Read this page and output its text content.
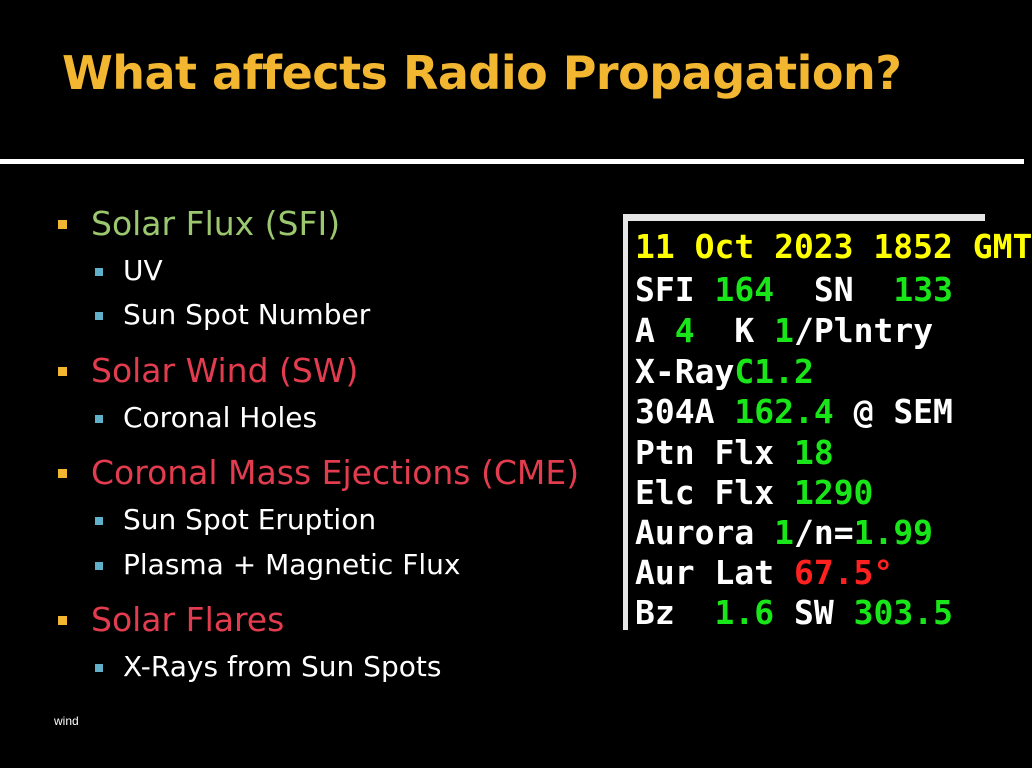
What affects Radio Propagation?
Solar Flux (SFI)
UV
Sun Spot Number
Solar Wind (SW)
Coronal Holes
Coronal Mass Ejections (CME)
Sun Spot Eruption
Plasma + Magnetic Flux
Solar Flares
X-Rays from Sun Spots
11 Oct 2023 1852 GMT
SFI 164 SN 133
A 4 K 1/Plntry
X-RayC1.2
304A 162.4 @ SEM
Ptn Flx 18
Elc Flx 1290
Aurora 1/n=1.99
Aur Lat 67.5°
Bz 1.6 SW 303.5
wind
